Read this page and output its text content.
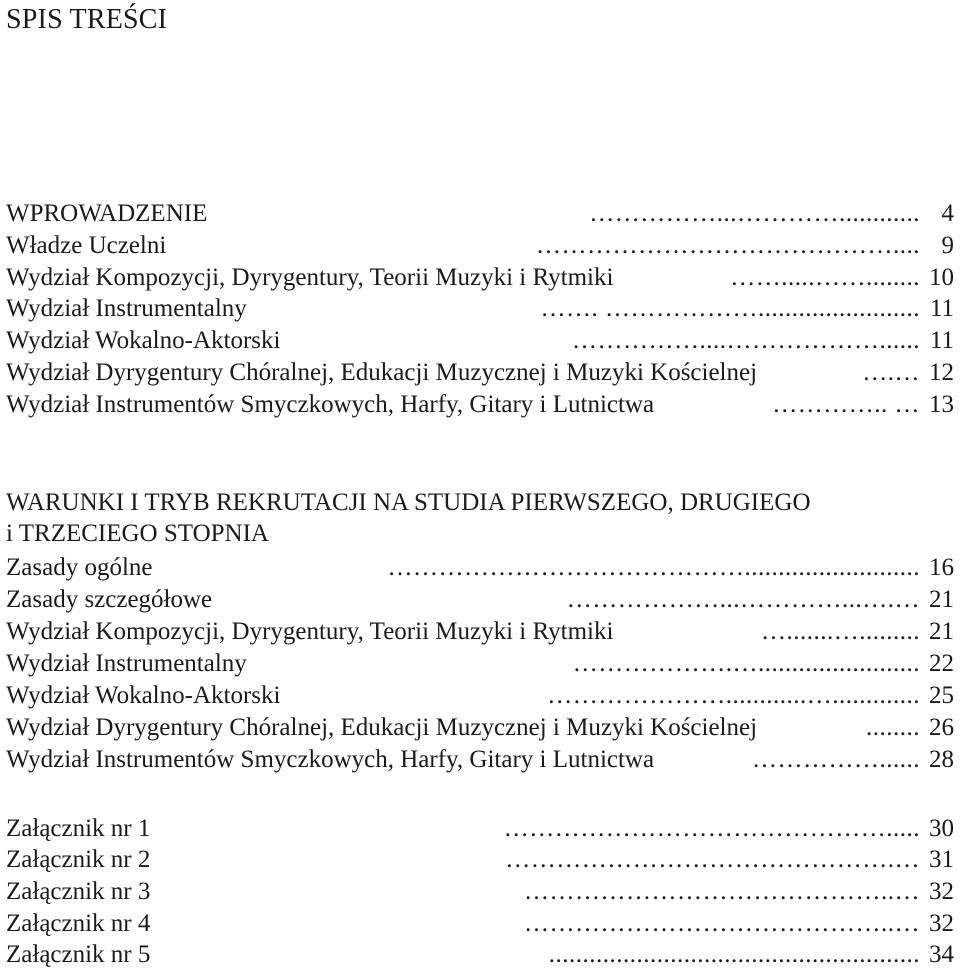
SPIS TREŚCI
WPROWADZENIE	……………...…………............ 4
Władze Uczelni	…………………………………….... 9
Wydział Kompozycji, Dyrygentury, Teorii Muzyki i Rytmiki	…….....……........ 10
Wydział Instrumentalny	……. ………………........................ 11
Wydział Wokalno-Aktorski	……………....………………...... 11
Wydział Dyrygentury Chóralnej, Edukacji Muzycznej i Muzyki Kościelnej	….… 12
Wydział Instrumentów Smyczkowych, Harfy, Gitary i Lutnictwa	………….. … 13
WARUNKI I TRYB REKRUTACJI NA STUDIA PIERWSZEGO, DRUGIEGO
i TRZECIEGO STOPNIA
Zasady ogólne	…………………………………….......................... 16
Zasady szczegółowe	………………...…………...….… 21
Wydział Kompozycji, Dyrygentury, Teorii Muzyki i Rytmiki	….......…......... 21
Wydział Instrumentalny	……………….…........................ 22
Wydział Wokalno-Aktorski	…………………............…............. 25
Wydział Dyrygentury Chóralnej, Edukacji Muzycznej i Muzyki Kościelnej	........ 26
Wydział Instrumentów Smyczkowych, Harfy, Gitary i Lutnictwa	……………...... 28
Załącznik nr 1	………………………………………..... 30
Załącznik nr 2	……………………………………….… 31
Załącznik nr 3	……………………………………..… 32
Załącznik nr 4	……………………………………..… 32
Załącznik nr 5	....................................................... 34
